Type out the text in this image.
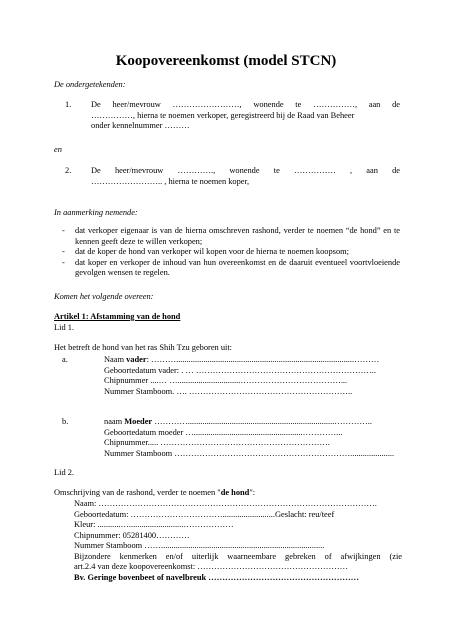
Koopovereenkomst (model STCN)
De ondergetekenden:
1.	De heer/mevrouw ……………………, wonende te ……………, aan de
……………, hierna te noemen verkoper, geregistreerd bij de Raad van Beheer
onder kennelnummer ………
en
2.	De heer/mevrouw …………., wonende te …………… , aan de
…………………….. , hierna te noemen koper,
In aanmerking nemende:
-	dat verkoper eigenaar is van de hierna omschreven rashond, verder te noemen “de hond” en te kennen geeft deze te willen verkopen;
-	dat de koper de hond van verkoper wil kopen voor de hierna te noemen koopsom;
-	dat koper en verkoper de inhoud van hun overeenkomst en de daaruit eventueel voortvloeiende gevolgen wensen te regelen.
Komen het volgende overeen:
Artikel 1: Afstamming van de hond
Lid 1.
Het betreft de hond van het ras Shih Tzu geboren uit:
a.	Naam vader: ……….....................................................................................………
Geboortedatum vader: . … ………………………………………………………..
Chipnummer ....… …..............................………………………………...
Nummer Stamboom. …. …………………………………………………..
b.	naam Moeder …………......................................................................…………..
Geboortedatum moeder …....................................................…………...
Chipnummer..... …………………………………………………….
Nummer Stamboom ……………………………………………………….....................
Lid 2.
Omschrijving van de rashond, verder te noemen "de hond":
Naam: ……………………………………………………………………………………….
Geboortedatum: …………………………….........................Geslacht: reu/teef
Kleur: ...........…..........................………………
Chipnummer: 05281400…………
Nummer Stamboom ……..............................................................................
Bijzondere kenmerken en/of uiterlijk waarneembare gebreken of afwijkingen (zie
art.2.4 van deze koopovereenkomst: ………………………………………………
Bv. Geringe bovenbeet of navelbreuk ………………………………………………
